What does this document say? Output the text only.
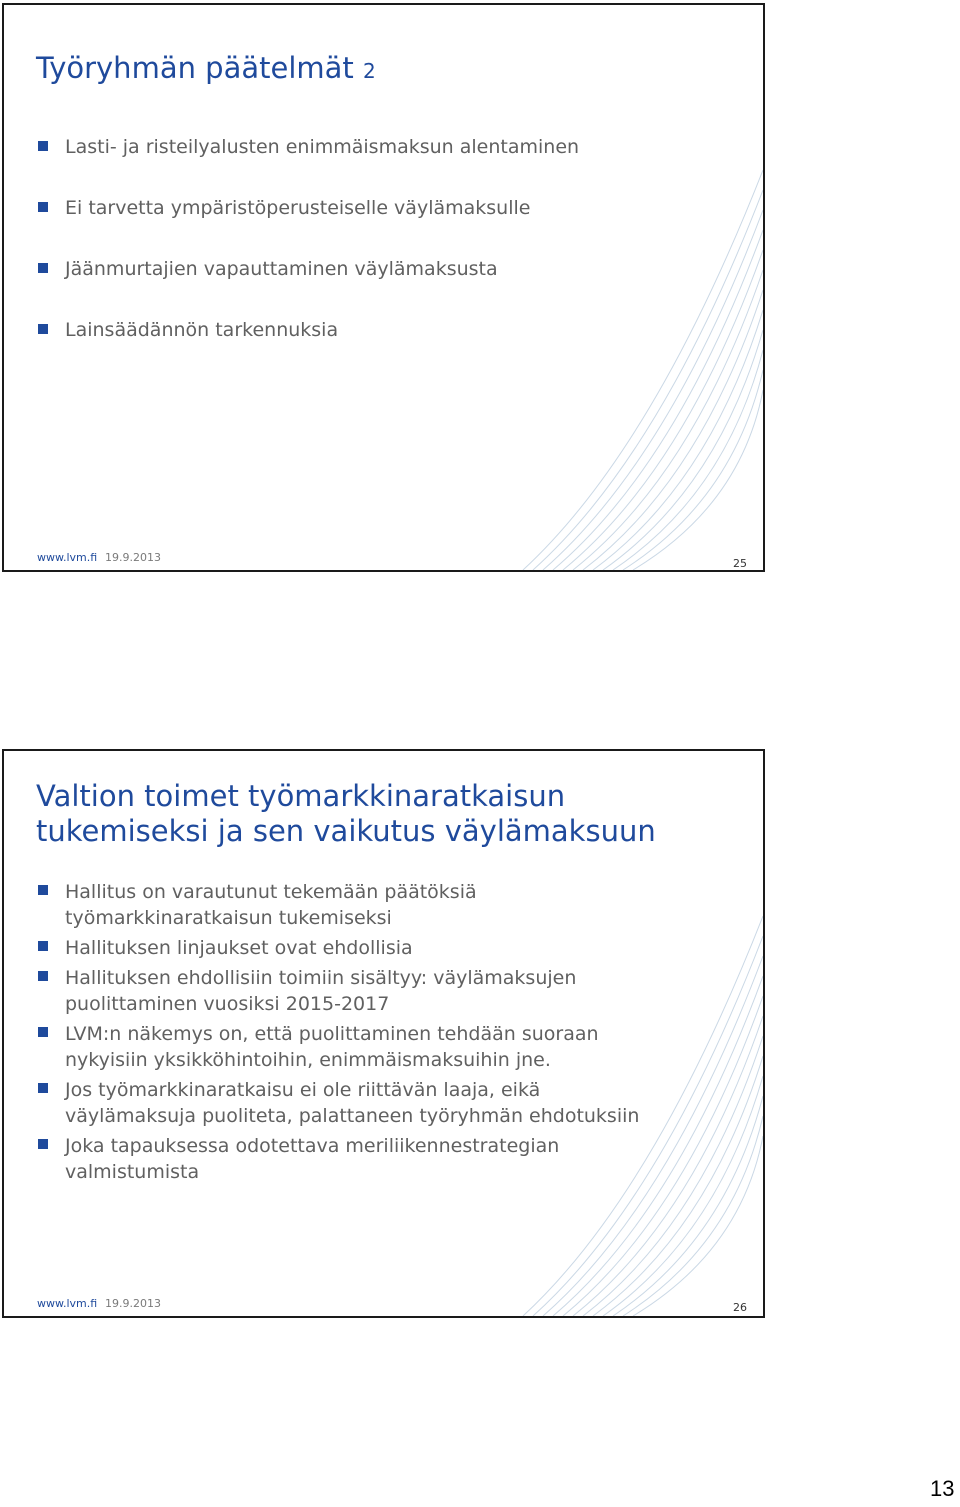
Työryhmän päätelmät 2
Lasti- ja risteilyalusten enimmäismaksun alentaminen
Ei tarvetta ympäristöperusteiselle väylämaksulle
Jäänmurtajien vapauttaminen väylämaksusta
Lainsäädännön tarkennuksia
www.lvm.fi 19.9.2013	25
Valtion toimet työmarkkinaratkaisun
tukemiseksi ja sen vaikutus väylämaksuun
Hallitus on varautunut tekemään päätöksiä
työmarkkinaratkaisun tukemiseksi
Hallituksen linjaukset ovat ehdollisia
Hallituksen ehdollisiin toimiin sisältyy: väylämaksujen
puolittaminen vuosiksi 2015-2017
LVM:n näkemys on, että puolittaminen tehdään suoraan
nykyisiin yksikköhintoihin, enimmäismaksuihin jne.
Jos työmarkkinaratkaisu ei ole riittävän laaja, eikä
väylämaksuja puoliteta, palattaneen työryhmän ehdotuksiin
Joka tapauksessa odotettava meriliikennestrategian
valmistumista
www.lvm.fi 19.9.2013	26
13
